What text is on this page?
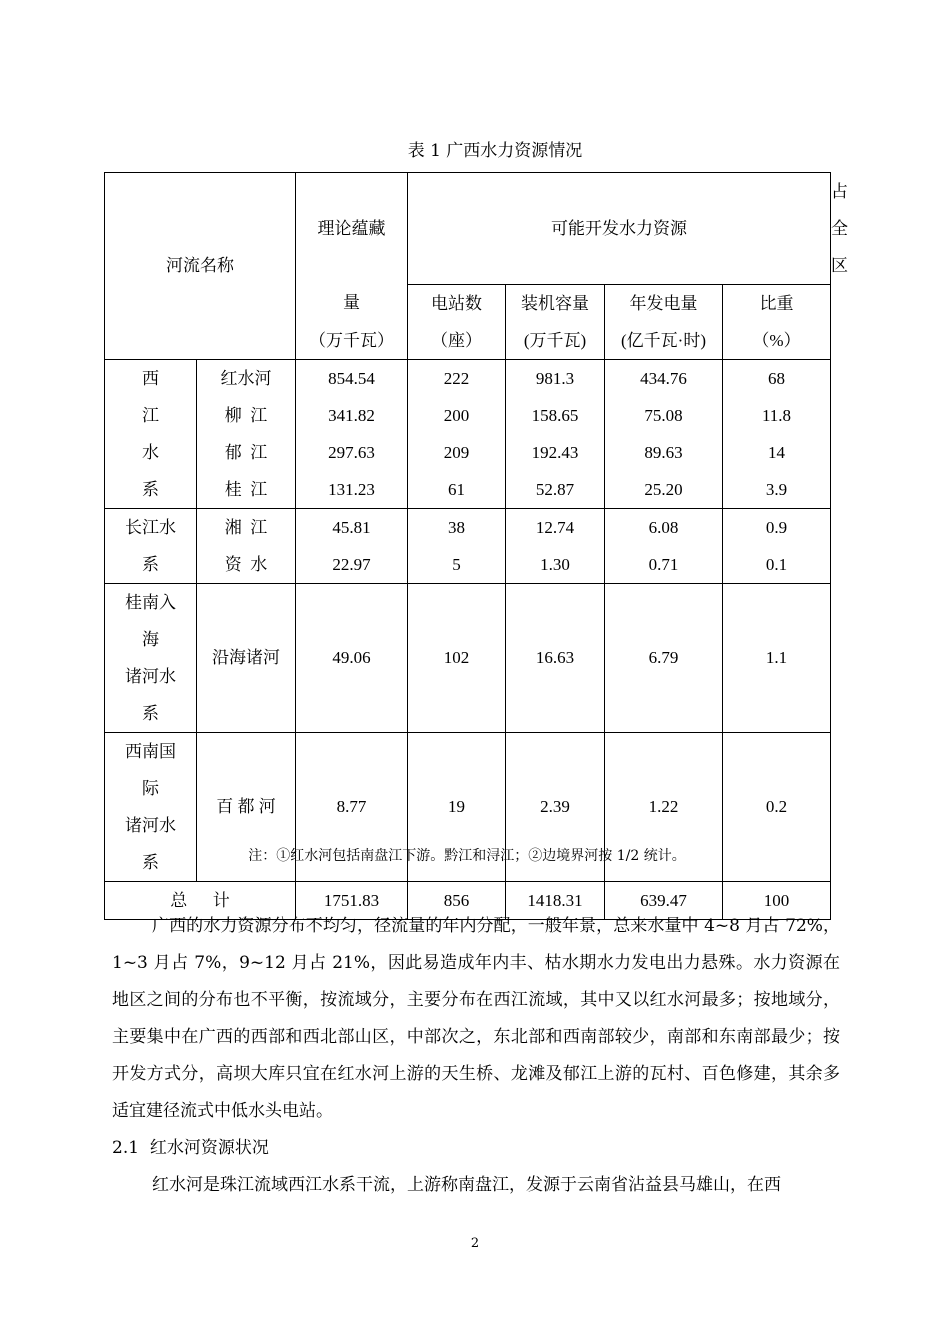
表 1 广西水力资源情况
河流名称		理论蕴藏	可能开发水力资源				占全区
		量	电站数	装机容量	年发电量	比重	
		（万千瓦）	（座）	(万千瓦)	(亿千瓦·时)	（%）	

西
江
水
系	红水河	854.54	222	981.3	434.76	68	
	柳  江	341.82	200	158.65	75.08	11.8	
	郁  江	297.63	209	192.43	89.63	14	
	桂  江	131.23	61	52.87	25.20	3.9	

长江水
系	湘  江	45.81	38	12.74	6.08	0.9	
	资  水	22.97	5	1.30	0.71	0.1	

桂南入
海
诸河水
系	沿海诸河	49.06	102	16.63	6.79	1.1	

西南国
际
诸河水
系	百 都 河	8.77	19	2.39	1.22	0.2	
总      计		1751.83	856	1418.31	639.47	100	
注：①红水河包括南盘江下游。黔江和浔江；②边境界河按 1/2 统计。

广西的水力资源分布不均匀，径流量的年内分配，一般年景，总来水量中 4~8 月占 72%，1~3 月占 7%，9~12 月占 21%，因此易造成年内丰、枯水期水力发电出力悬殊。水力资源在地区之间的分布也不平衡，按流域分，主要分布在西江流域，其中又以红水河最多；按地域分，主要集中在广西的西部和西北部山区，中部次之，东北部和西南部较少，南部和东南部最少；按开发方式分，高坝大库只宜在红水河上游的天生桥、龙滩及郁江上游的瓦村、百色修建，其余多适宜建径流式中低水头电站。

2.1  红水河资源状况

红水河是珠江流域西江水系干流，上游称南盘江，发源于云南省沾益县马雄山，在西

2
